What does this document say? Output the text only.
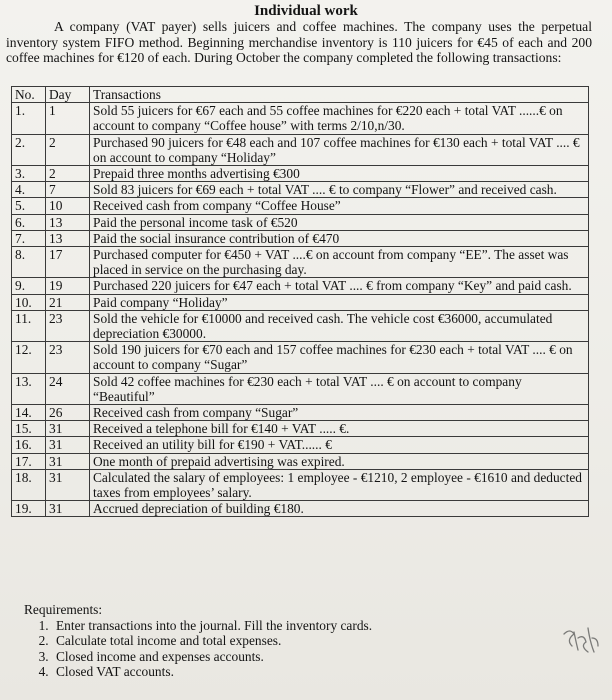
Individual work
A company (VAT payer) sells juicers and coffee machines. The company uses the perpetual inventory system FIFO method. Beginning merchandise inventory is 110 juicers for €45 of each and 200 coffee machines for €120 of each. During October the company completed the following transactions:
No.	Day	Transactions
1.	1	Sold 55 juicers for €67 each and 55 coffee machines for €220 each + total VAT ......€ on account to company “Coffee house” with terms 2/10,n/30.
2.	2	Purchased 90 juicers for €48 each and 107 coffee machines for €130 each + total VAT .... € on account to company “Holiday”
3.	2	Prepaid three months advertising €300
4.	7	Sold 83 juicers for €69 each + total VAT .... € to company “Flower” and received cash.
5.	10	Received cash from company “Coffee House”
6.	13	Paid the personal income task of €520
7.	13	Paid the social insurance contribution of €470
8.	17	Purchased computer for €450 + VAT ....€ on account from company “EE”. The asset was placed in service on the purchasing day.
9.	19	Purchased 220 juicers for €47 each + total VAT .... € from company “Key” and paid cash.
10.	21	Paid company “Holiday”
11.	23	Sold the vehicle for €10000 and received cash. The vehicle cost €36000, accumulated depreciation €30000.
12.	23	Sold 190 juicers for €70 each and 157 coffee machines for €230 each + total VAT .... € on account to company “Sugar”
13.	24	Sold 42 coffee machines for €230 each + total VAT .... € on account to company “Beautiful”
14.	26	Received cash from company “Sugar”
15.	31	Received a telephone bill for €140 + VAT ..... €.
16.	31	Received an utility bill for €190 + VAT...... €
17.	31	One month of prepaid advertising was expired.
18.	31	Calculated the salary of employees: 1 employee - €1210, 2 employee - €1610 and deducted taxes from employees’ salary.
19.	31	Accrued depreciation of building €180.
Requirements:
1. Enter transactions into the journal. Fill the inventory cards.
2. Calculate total income and total expenses.
3. Closed income and expenses accounts.
4. Closed VAT accounts.
